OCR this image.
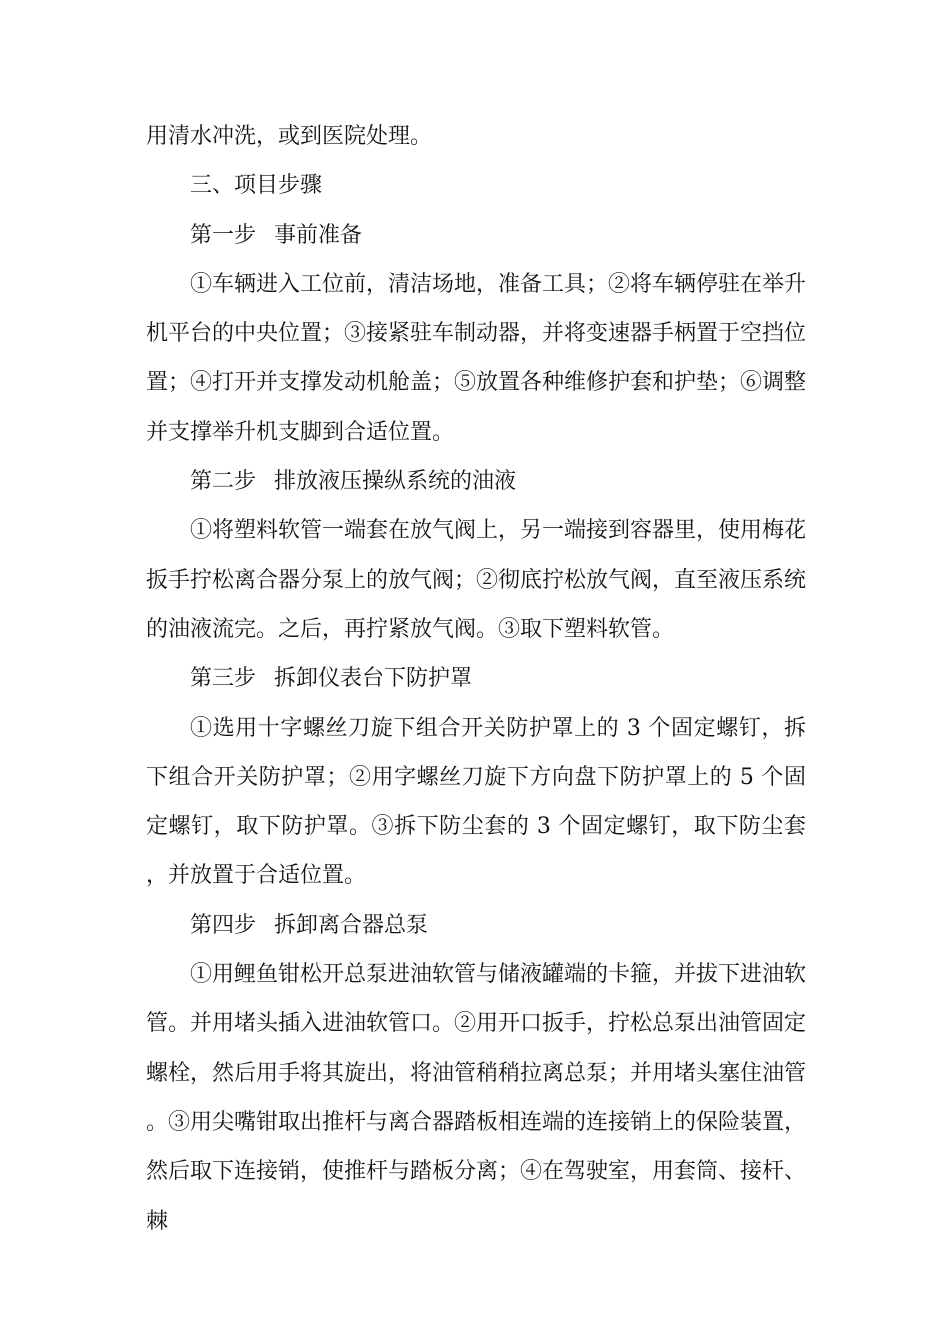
用清水冲洗，或到医院处理。

三、项目步骤
第一步 事前准备

①车辆进入工位前，清洁场地，准备工具；②将车辆停驻在举升机平台的中央位置；③接紧驻车制动器，并将变速器手柄置于空挡位置；④打开并支撑发动机舱盖；⑤放置各种维修护套和护垫；⑥调整并支撑举升机支脚到合适位置。

第二步 排放液压操纵系统的油液

①将塑料软管一端套在放气阀上，另一端接到容器里，使用梅花扳手拧松离合器分泵上的放气阀；②彻底拧松放气阀，直至液压系统的油液流完。之后，再拧紧放气阀。③取下塑料软管。

第三步 拆卸仪表台下防护罩

①选用十字螺丝刀旋下组合开关防护罩上的 3 个固定螺钉，拆下组合开关防护罩；②用字螺丝刀旋下方向盘下防护罩上的 5 个固定螺钉，取下防护罩。③拆下防尘套的 3 个固定螺钉，取下防尘套，并放置于合适位置。

第四步 拆卸离合器总泵

①用鲤鱼钳松开总泵进油软管与储液罐端的卡箍，并拔下进油软管。并用堵头插入进油软管口。②用开口扳手，拧松总泵出油管固定螺栓，然后用手将其旋出，将油管稍稍拉离总泵；并用堵头塞住油管。③用尖嘴钳取出推杆与离合器踏板相连端的连接销上的保险装置，然后取下连接销，使推杆与踏板分离；④在驾驶室，用套筒、接杆、棘
